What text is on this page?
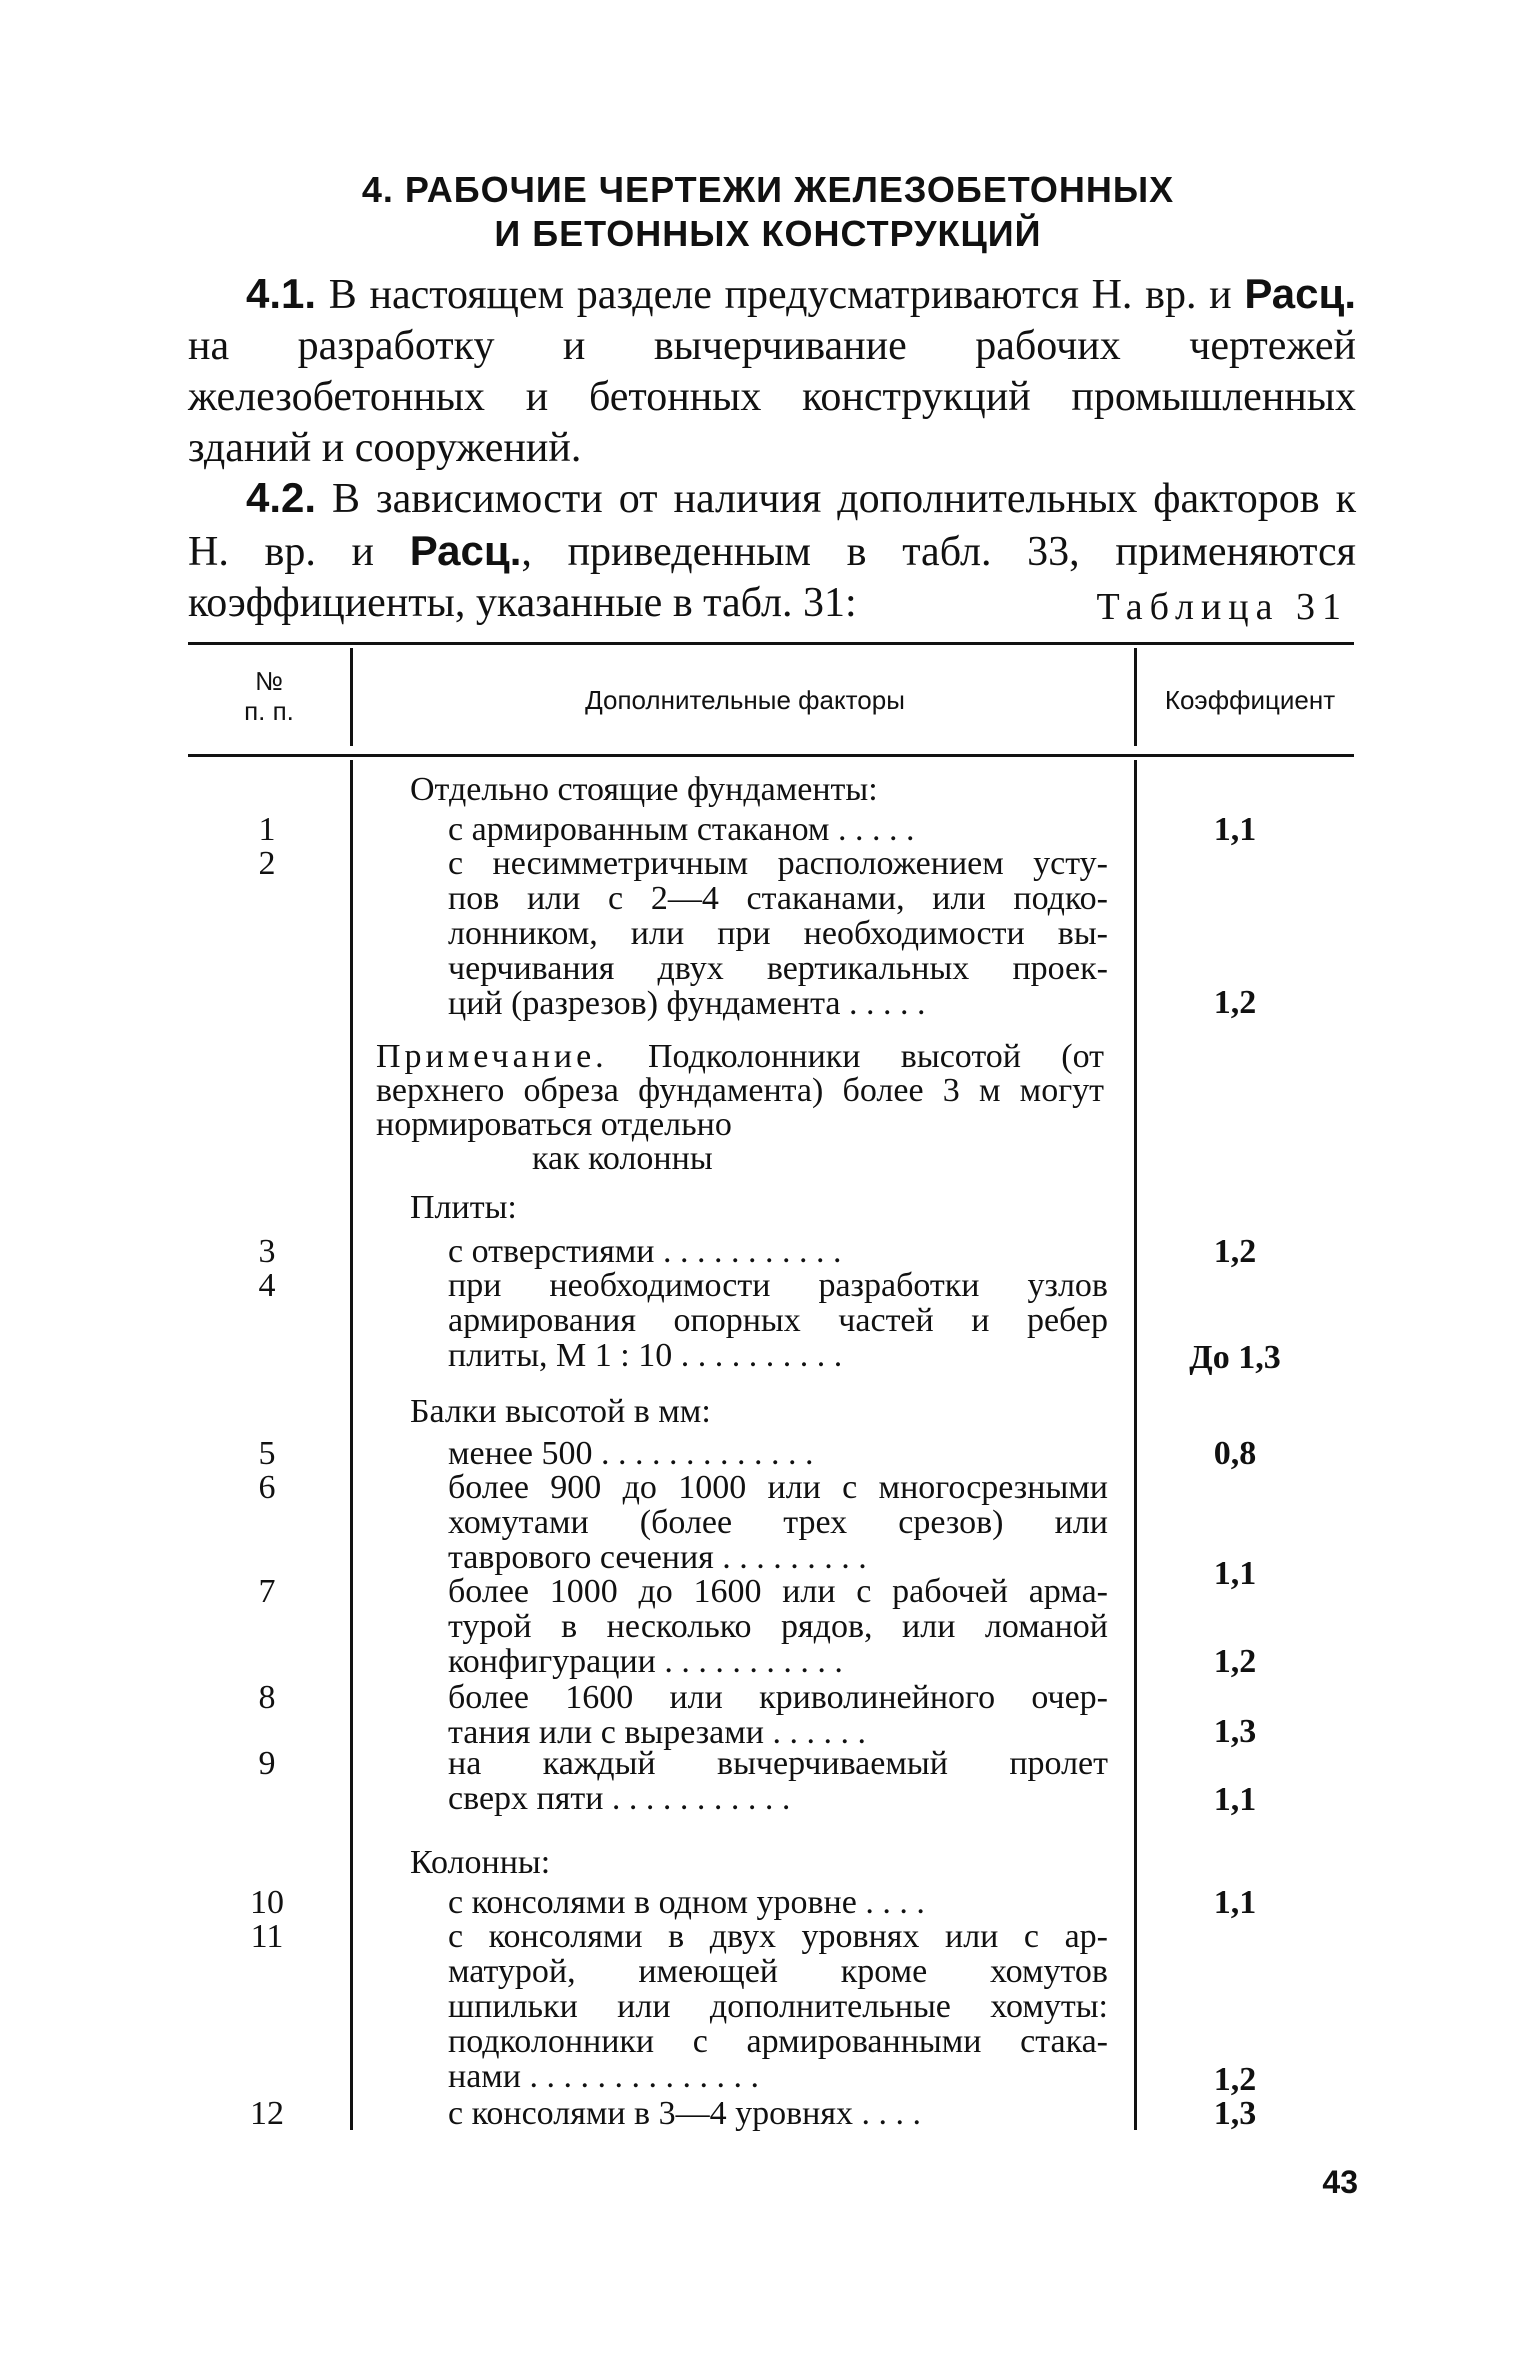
4. РАБОЧИЕ ЧЕРТЕЖИ ЖЕЛЕЗОБЕТОННЫХ
И БЕТОННЫХ КОНСТРУКЦИЙ
4.1. В настоящем разделе предусматриваются Н. вр. и Расц. на разработку и вычерчивание рабочих чертежей железобетонных и бетонных конструкций промышленных зданий и сооружений.
4.2. В зависимости от наличия дополнительных факторов к Н. вр. и Расц., приведенным в табл. 33, применяются коэффициенты, указанные в табл. 31:	Таблица 31
№
п. п.	Дополнительные факторы	Коэффициент
Отдельно стоящие фундаменты:
Примечание. Подколонники высотой (от верхнего обреза фундамента) более 3 м могут нормироваться отдельно
как колонны
Плиты:
Балки высотой в мм:
Колонны:
1	с армированным стаканом . . . . .	1,1
2	с несимметричным расположением усту-
пов или с 2—4 стаканами, или подко-
лонником, или при необходимости вы-
черчивания двух вертикальных проек-
ций (разрезов) фундамента . . . . .	1,2
3	с отверстиями . . . . . . . . . . .	1,2
4	при необходимости разработки узлов
армирования опорных частей и ребер
плиты, М 1 : 10 . . . . . . . . . .	До 1,3
5	менее 500 . . . . . . . . . . . . .	0,8
6	более 900 до 1000 или с многосрезными
хомутами (более трех срезов) или
таврового сечения . . . . . . . . .	1,1
7	более 1000 до 1600 или с рабочей арма-
турой в несколько рядов, или ломаной
конфигурации . . . . . . . . . . .	1,2
8	более 1600 или криволинейного очер-
тания или с вырезами . . . . . .	1,3
9	на каждый вычерчиваемый пролет
сверх пяти . . . . . . . . . . .	1,1
10	с консолями в одном уровне . . . .	1,1
11	с консолями в двух уровнях или с ар-
матурой, имеющей кроме хомутов
шпильки или дополнительные хомуты:
подколонники с армированными стака-
нами . . . . . . . . . . . . . .	1,2
12	с консолями в 3—4 уровнях . . . .	1,3
43
